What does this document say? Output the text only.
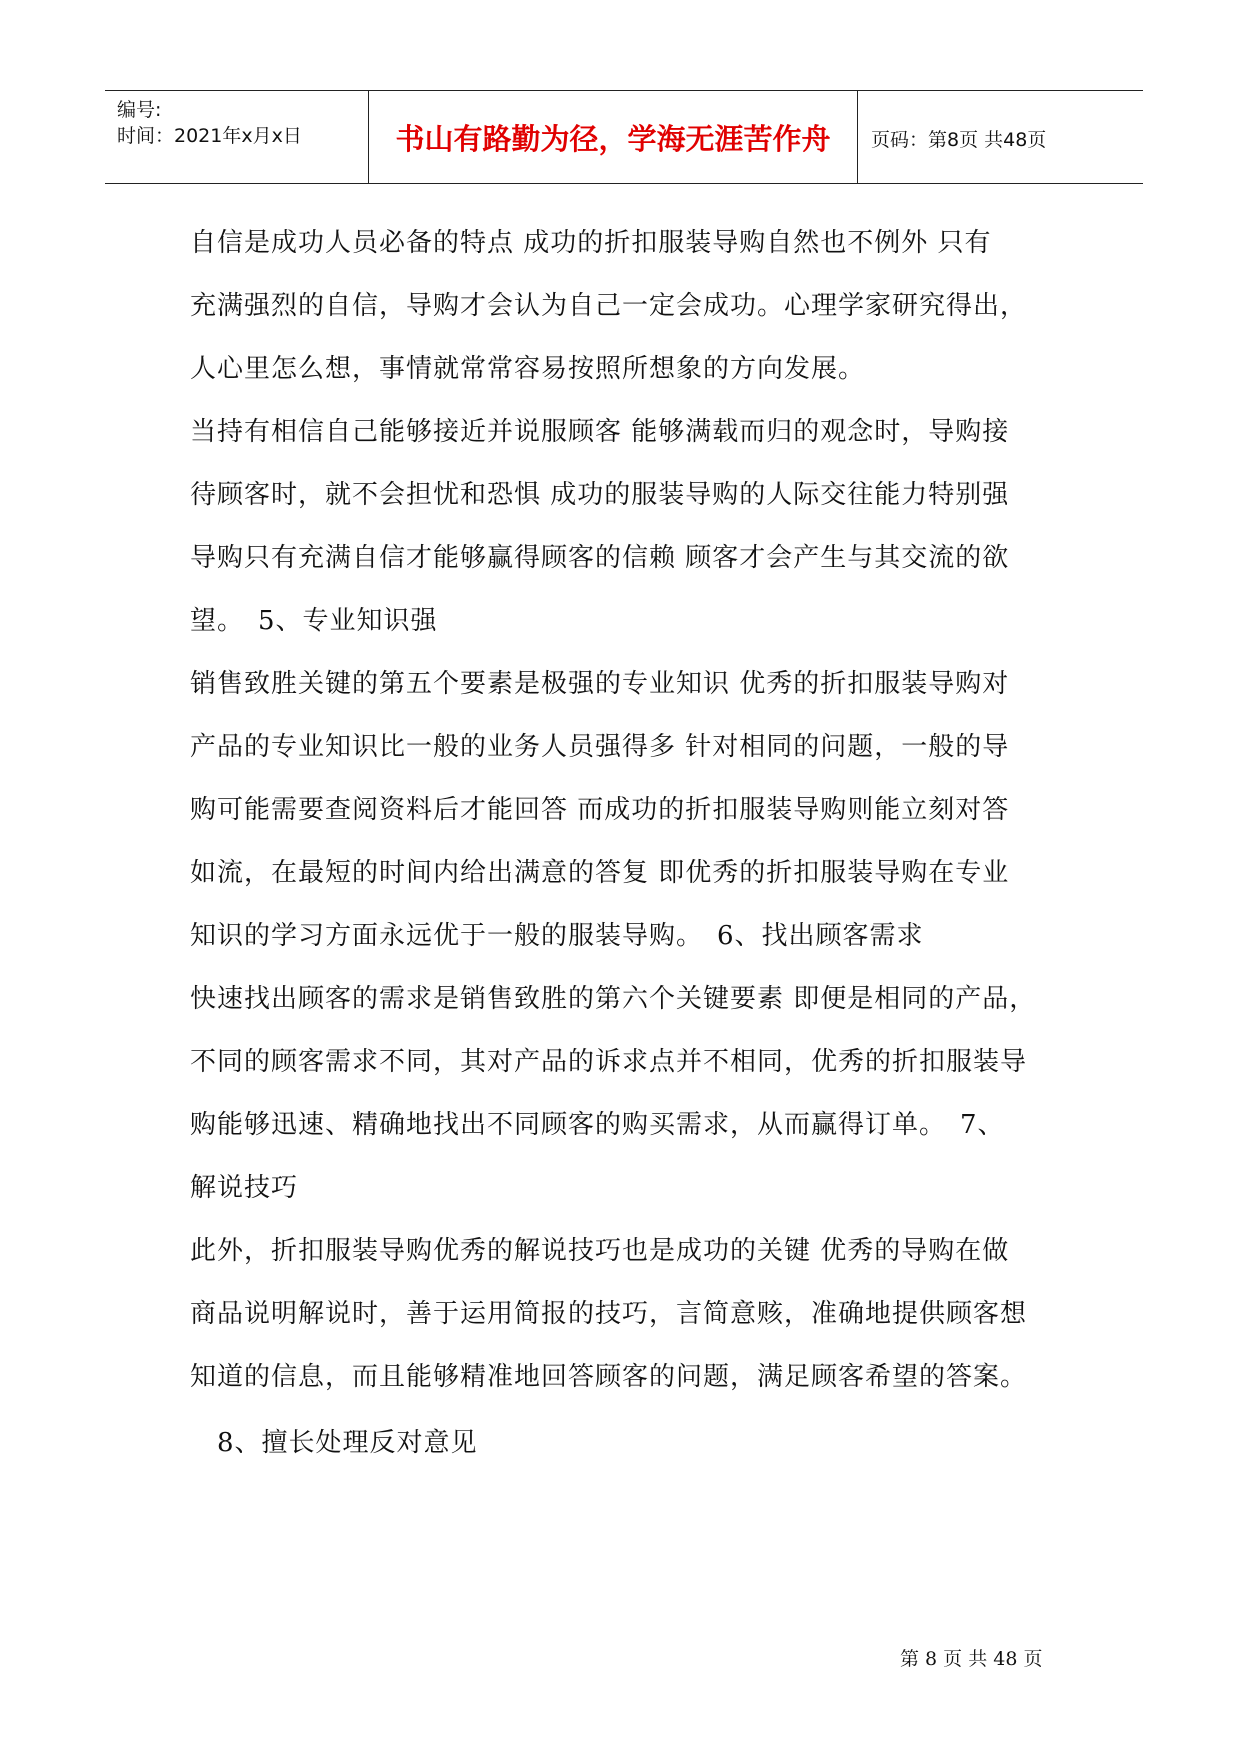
编号:
时间：2021年x月x日	书山有路勤为径，学海无涯苦作舟	页码：第8页 共48页
自信是成功人员必备的特点 成功的折扣服装导购自然也不例外 只有
充满强烈的自信，导购才会认为自己一定会成功。心理学家研究得出，
人心里怎么想，事情就常常容易按照所想象的方向发展。
当持有相信自己能够接近并说服顾客 能够满载而归的观念时，导购接
待顾客时，就不会担忧和恐惧 成功的服装导购的人际交往能力特别强
导购只有充满自信才能够赢得顾客的信赖 顾客才会产生与其交流的欲
望。　5、专业知识强
销售致胜关键的第五个要素是极强的专业知识 优秀的折扣服装导购对
产品的专业知识比一般的业务人员强得多 针对相同的问题，一般的导
购可能需要查阅资料后才能回答 而成功的折扣服装导购则能立刻对答
如流，在最短的时间内给出满意的答复 即优秀的折扣服装导购在专业
知识的学习方面永远优于一般的服装导购。　6、找出顾客需求
快速找出顾客的需求是销售致胜的第六个关键要素 即便是相同的产品，
不同的顾客需求不同，其对产品的诉求点并不相同，优秀的折扣服装导
购能够迅速、精确地找出不同顾客的购买需求，从而赢得订单。　7、
解说技巧
此外，折扣服装导购优秀的解说技巧也是成功的关键 优秀的导购在做
商品说明解说时，善于运用简报的技巧，言简意赅，准确地提供顾客想
知道的信息，而且能够精准地回答顾客的问题，满足顾客希望的答案。
　8、擅长处理反对意见
第 8 页 共 48 页
